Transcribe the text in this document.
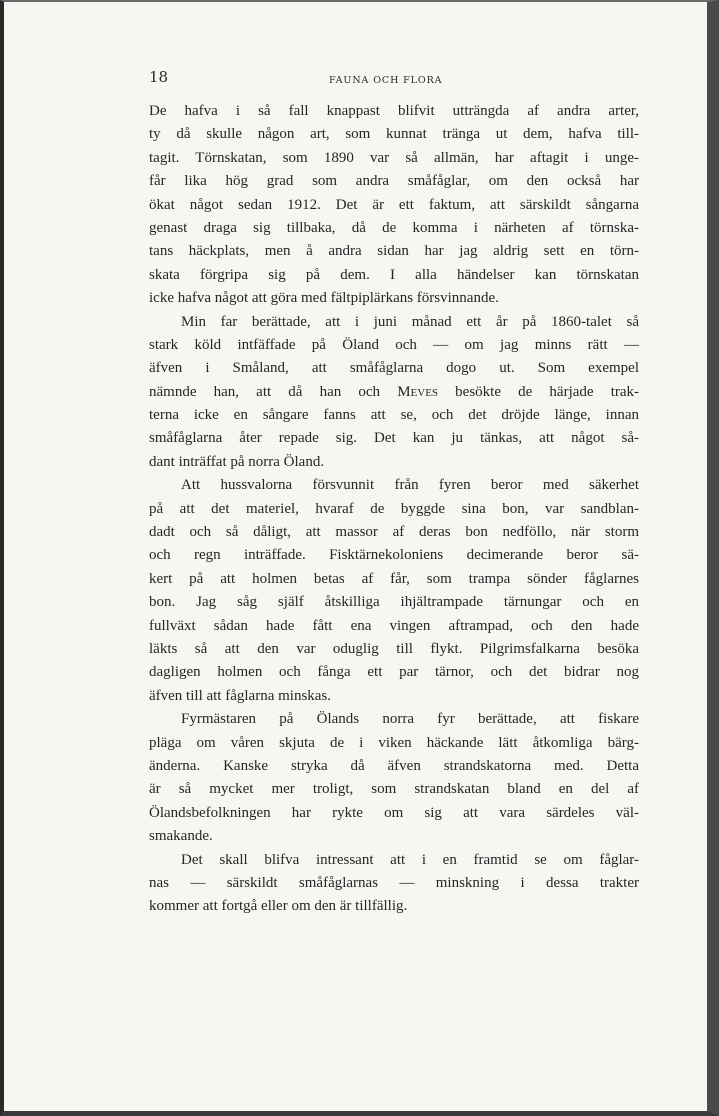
18	FAUNA OCH FLORA
De hafva i så fall knappast blifvit utträngda af andra arter,
ty då skulle någon art, som kunnat tränga ut dem, hafva till-
tagit. Törnskatan, som 1890 var så allmän, har aftagit i unge-
får lika hög grad som andra småfåglar, om den också har
ökat något sedan 1912. Det är ett faktum, att särskildt sångarna
genast draga sig tillbaka, då de komma i närheten af törnska-
tans häckplats, men å andra sidan har jag aldrig sett en törn-
skata förgripa sig på dem. I alla händelser kan törnskatan
icke hafva något att göra med fältpiplärkans försvinnande.
Min far berättade, att i juni månad ett år på 1860-talet så
stark köld intfäffade på Öland och — om jag minns rätt —
äfven i Småland, att småfåglarna dogo ut. Som exempel
nämnde han, att då han och Meves besökte de härjade trak-
terna icke en sångare fanns att se, och det dröjde länge, innan
småfåglarna åter repade sig. Det kan ju tänkas, att något så-
dant inträffat på norra Öland.
Att hussvalorna försvunnit från fyren beror med säkerhet
på att det materiel, hvaraf de byggde sina bon, var sandblan-
dadt och så dåligt, att massor af deras bon nedföllo, när storm
och regn inträffade. Fisktärnekoloniens decimerande beror sä-
kert på att holmen betas af får, som trampa sönder fåglarnes
bon. Jag såg själf åtskilliga ihjältrampade tärnungar och en
fullväxt sådan hade fått ena vingen aftrampad, och den hade
läkts så att den var oduglig till flykt. Pilgrimsfalkarna besöka
dagligen holmen och fånga ett par tärnor, och det bidrar nog
äfven till att fåglarna minskas.
Fyrmästaren på Ölands norra fyr berättade, att fiskare
pläga om våren skjuta de i viken häckande lätt åtkomliga bärg-
änderna. Kanske stryka då äfven strandskatorna med. Detta
är så mycket mer troligt, som strandskatan bland en del af
Ölandsbefolkningen har rykte om sig att vara särdeles väl-
smakande.
Det skall blifva intressant att i en framtid se om fåglar-
nas — särskildt småfåglarnas — minskning i dessa trakter
kommer att fortgå eller om den är tillfällig.
